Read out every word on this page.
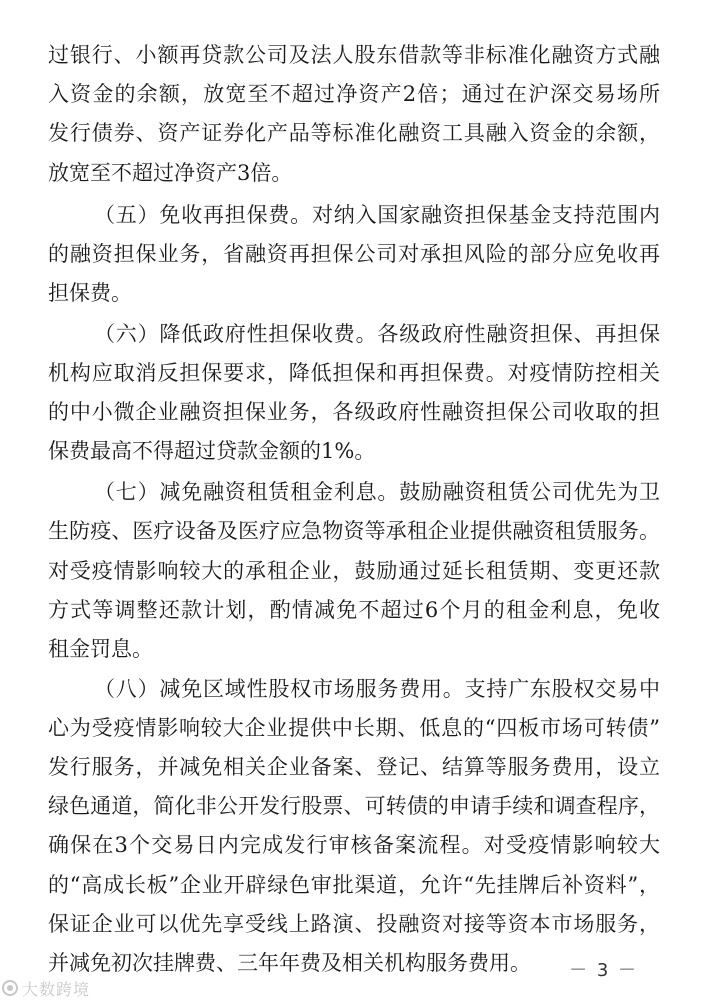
过银行、小额再贷款公司及法人股东借款等非标准化融资方式融
入资金的余额，放宽至不超过净资产2倍；通过在沪深交易场所
发行债券、资产证券化产品等标准化融资工具融入资金的余额，
放宽至不超过净资产3倍。
（五）免收再担保费。对纳入国家融资担保基金支持范围内
的融资担保业务，省融资再担保公司对承担风险的部分应免收再
担保费。
（六）降低政府性担保收费。各级政府性融资担保、再担保
机构应取消反担保要求，降低担保和再担保费。对疫情防控相关
的中小微企业融资担保业务，各级政府性融资担保公司收取的担
保费最高不得超过贷款金额的1%。
（七）减免融资租赁租金利息。鼓励融资租赁公司优先为卫
生防疫、医疗设备及医疗应急物资等承租企业提供融资租赁服务。
对受疫情影响较大的承租企业，鼓励通过延长租赁期、变更还款
方式等调整还款计划，酌情减免不超过6个月的租金利息，免收
租金罚息。
（八）减免区域性股权市场服务费用。支持广东股权交易中
心为受疫情影响较大企业提供中长期、低息的“四板市场可转债”
发行服务，并减免相关企业备案、登记、结算等服务费用，设立
绿色通道，简化非公开发行股票、可转债的申请手续和调查程序，
确保在3个交易日内完成发行审核备案流程。对受疫情影响较大
的“高成长板”企业开辟绿色审批渠道，允许“先挂牌后补资料”，
保证企业可以优先享受线上路演、投融资对接等资本市场服务，
并减免初次挂牌费、三年年费及相关机构服务费用。	－ 3 －
大数跨境
